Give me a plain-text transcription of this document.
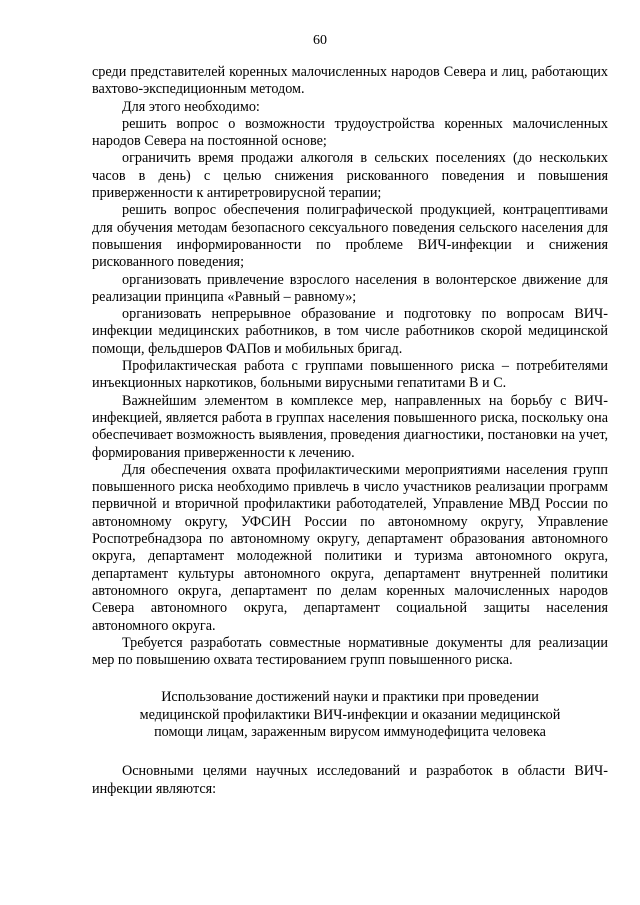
60

среди представителей коренных малочисленных народов Севера и лиц, работающих вахтово-экспедиционным методом.

Для этого необходимо:

решить вопрос о возможности трудоустройства коренных малочисленных народов Севера на постоянной основе;

ограничить время продажи алкоголя в сельских поселениях (до нескольких часов в день) с целью снижения рискованного поведения и повышения приверженности к антиретровирусной терапии;

решить вопрос обеспечения полиграфической продукцией, контрацептивами для обучения методам безопасного сексуального поведения сельского населения для повышения информированности по проблеме ВИЧ-инфекции и снижения рискованного поведения;

организовать привлечение взрослого населения в волонтерское движение для реализации принципа «Равный – равному»;

организовать непрерывное образование и подготовку по вопросам ВИЧ-инфекции медицинских работников, в том числе работников скорой медицинской помощи, фельдшеров ФАПов и мобильных бригад.

Профилактическая работа с группами повышенного риска – потребителями инъекционных наркотиков, больными вирусными гепатитами В и С.

Важнейшим элементом в комплексе мер, направленных на борьбу с ВИЧ-инфекцией, является работа в группах населения повышенного риска, поскольку она обеспечивает возможность выявления, проведения диагностики, постановки на учет, формирования приверженности к лечению.

Для обеспечения охвата профилактическими мероприятиями населения групп повышенного риска необходимо привлечь в число участников реализации программ первичной и вторичной профилактики работодателей, Управление МВД России по автономному округу, УФСИН России по автономному округу, Управление Роспотребнадзора по автономному округу, департамент образования автономного округа, департамент молодежной политики и туризма автономного округа, департамент культуры автономного округа, департамент внутренней политики автономного округа, департамент по делам коренных малочисленных народов Севера автономного округа, департамент социальной защиты населения автономного округа.

Требуется разработать совместные нормативные документы для реализации мер по повышению охвата тестированием групп повышенного риска.

Использование достижений науки и практики при проведении
медицинской профилактики ВИЧ-инфекции и оказании медицинской
помощи лицам, зараженным вирусом иммунодефицита человека

Основными целями научных исследований и разработок в области ВИЧ-инфекции являются:
